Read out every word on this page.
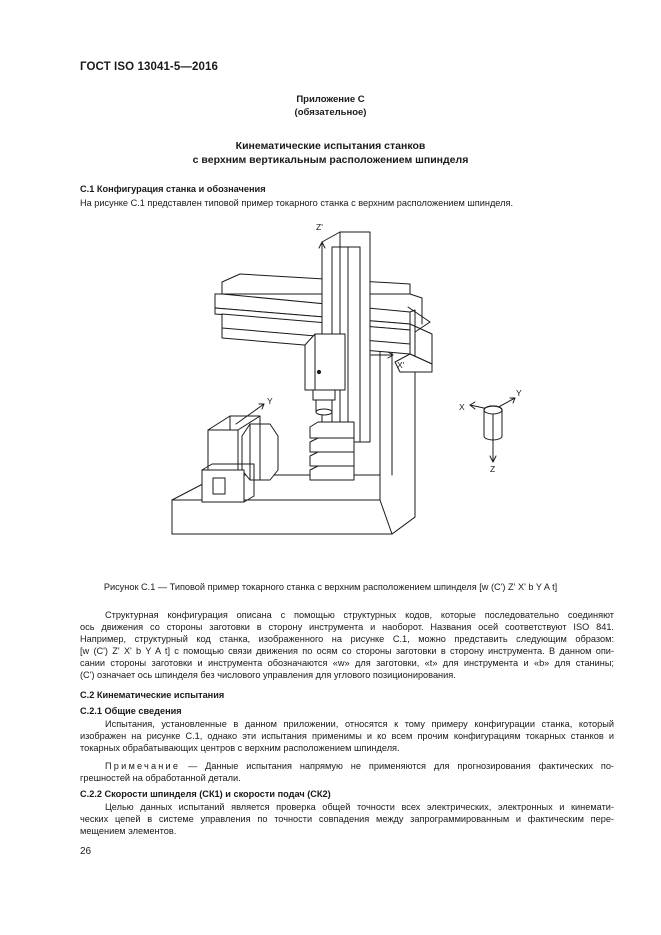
ГОСТ ISO 13041-5—2016
Приложение С
(обязательное)
Кинематические испытания станков
с верхним вертикальным расположением шпинделя
С.1 Конфигурация станка и обозначения
На рисунке С.1 представлен типовой пример токарного станка с верхним расположением шпинделя.
Z'
X'
Y
X
Y
Z
Рисунок С.1 — Типовой пример токарного станка с верхним расположением шпинделя [w (C') Z' X' b Y A t]
Структурная конфигурация описана с помощью структурных кодов, которые последовательно соединяют
ось движения со стороны заготовки в сторону инструмента и наоборот. Названия осей соответствуют ISO 841.
Например, структурный код станка, изображенного на рисунке С.1, можно представить следующим образом:
[w (C') Z' X' b Y A t] с помощью связи движения по осям со стороны заготовки в сторону инструмента. В данном опи-
сании стороны заготовки и инструмента обозначаются «w» для заготовки, «t» для инструмента и «b» для станины;
(C') означает ось шпинделя без числового управления для углового позиционирования.
С.2 Кинематические испытания
С.2.1 Общие сведения
Испытания, установленные в данном приложении, относятся к тому примеру конфигурации станка, который
изображен на рисунке С.1, однако эти испытания применимы и ко всем прочим конфигурациям токарных станков и
токарных обрабатывающих центров с верхним расположением шпинделя.
Примечание — Данные испытания напрямую не применяются для прогнозирования фактических по-
грешностей на обработанной детали.
С.2.2 Скорости шпинделя (СК1) и скорости подач (СК2)
Целью данных испытаний является проверка общей точности всех электрических, электронных и кинемати-
ческих цепей в системе управления по точности совпадения между запрограммированным и фактическим пере-
мещением элементов.
26
